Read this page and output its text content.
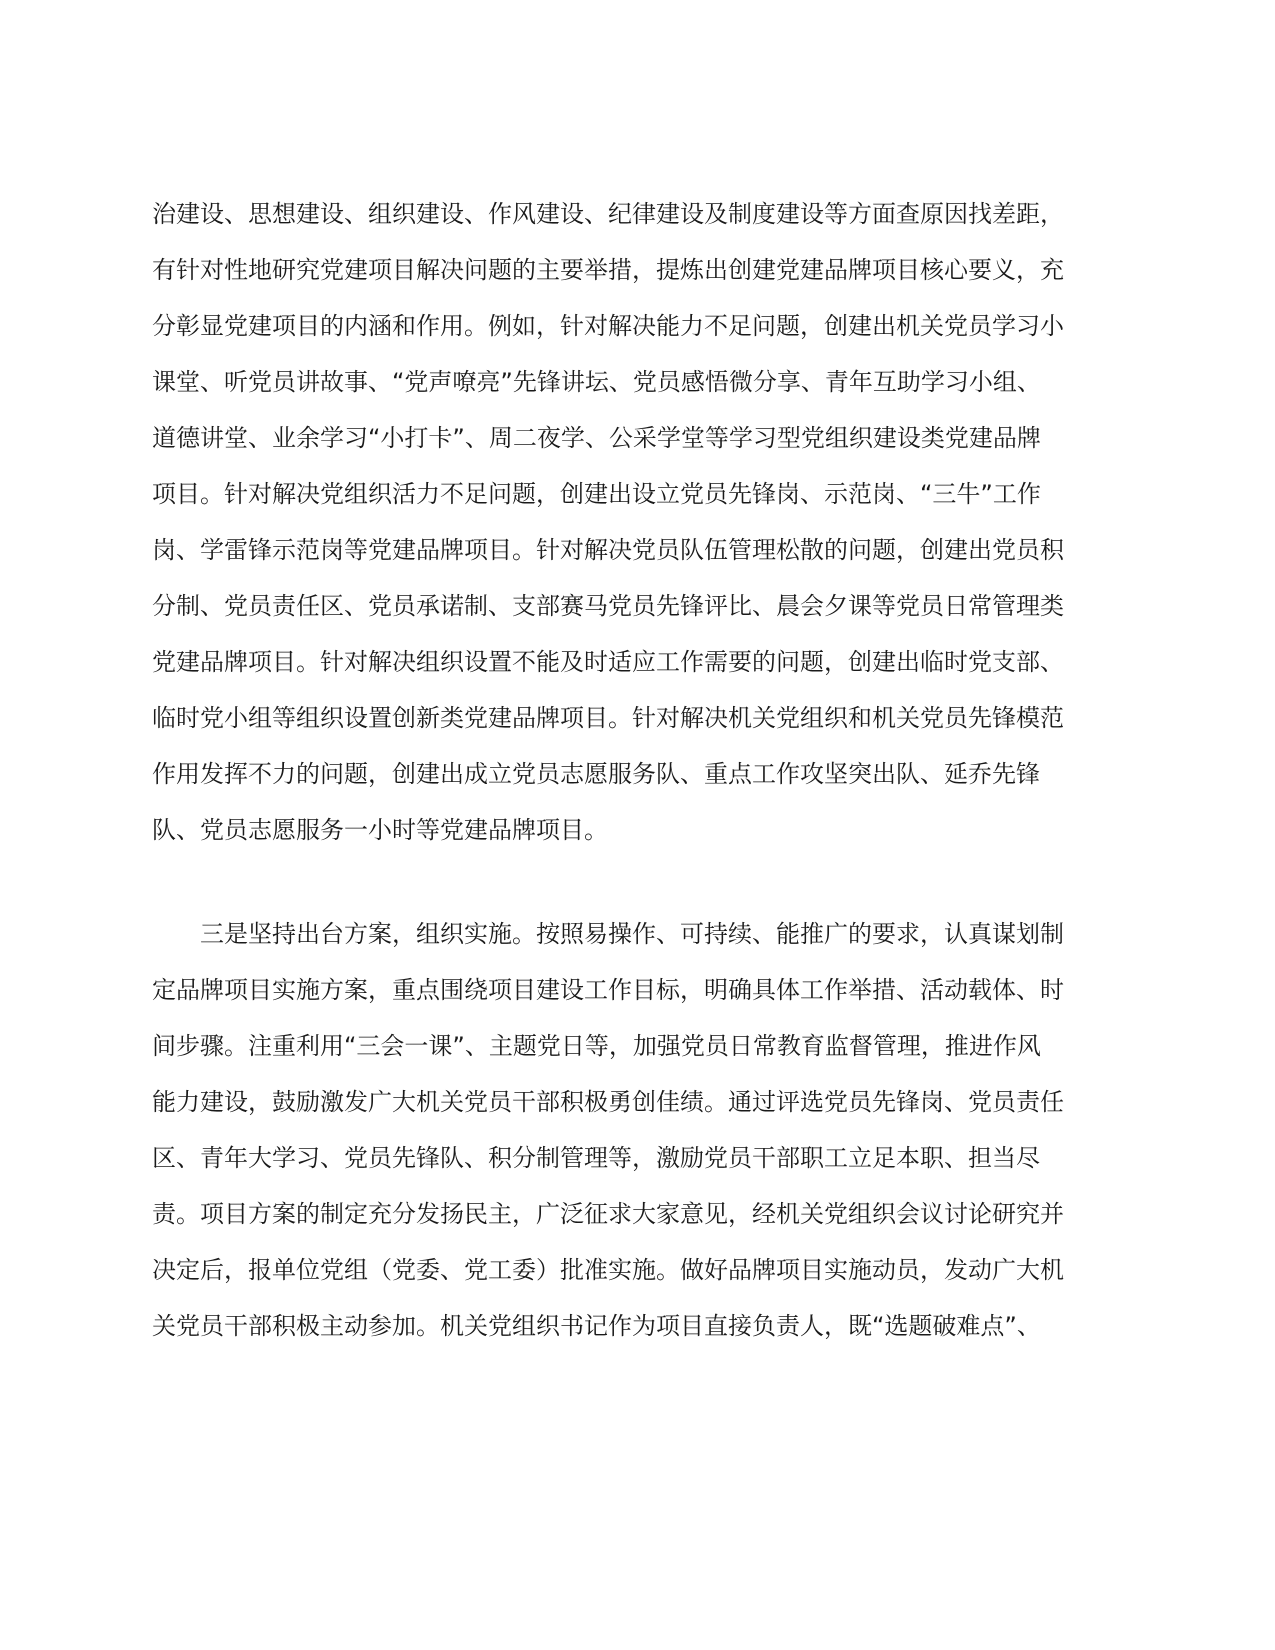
治建设、思想建设、组织建设、作风建设、纪律建设及制度建设等方面查原因找差距，
有针对性地研究党建项目解决问题的主要举措，提炼出创建党建品牌项目核心要义，充
分彰显党建项目的内涵和作用。例如，针对解决能力不足问题，创建出机关党员学习小
课堂、听党员讲故事、“党声嘹亮”先锋讲坛、党员感悟微分享、青年互助学习小组、
道德讲堂、业余学习“小打卡”、周二夜学、公采学堂等学习型党组织建设类党建品牌
项目。针对解决党组织活力不足问题，创建出设立党员先锋岗、示范岗、“三牛”工作
岗、学雷锋示范岗等党建品牌项目。针对解决党员队伍管理松散的问题，创建出党员积
分制、党员责任区、党员承诺制、支部赛马党员先锋评比、晨会夕课等党员日常管理类
党建品牌项目。针对解决组织设置不能及时适应工作需要的问题，创建出临时党支部、
临时党小组等组织设置创新类党建品牌项目。针对解决机关党组织和机关党员先锋模范
作用发挥不力的问题，创建出成立党员志愿服务队、重点工作攻坚突出队、延乔先锋
队、党员志愿服务一小时等党建品牌项目。
三是坚持出台方案，组织实施。按照易操作、可持续、能推广的要求，认真谋划制
定品牌项目实施方案，重点围绕项目建设工作目标，明确具体工作举措、活动载体、时
间步骤。注重利用“三会一课”、主题党日等，加强党员日常教育监督管理，推进作风
能力建设，鼓励激发广大机关党员干部积极勇创佳绩。通过评选党员先锋岗、党员责任
区、青年大学习、党员先锋队、积分制管理等，激励党员干部职工立足本职、担当尽
责。项目方案的制定充分发扬民主，广泛征求大家意见，经机关党组织会议讨论研究并
决定后，报单位党组（党委、党工委）批准实施。做好品牌项目实施动员，发动广大机
关党员干部积极主动参加。机关党组织书记作为项目直接负责人，既“选题破难点”、
